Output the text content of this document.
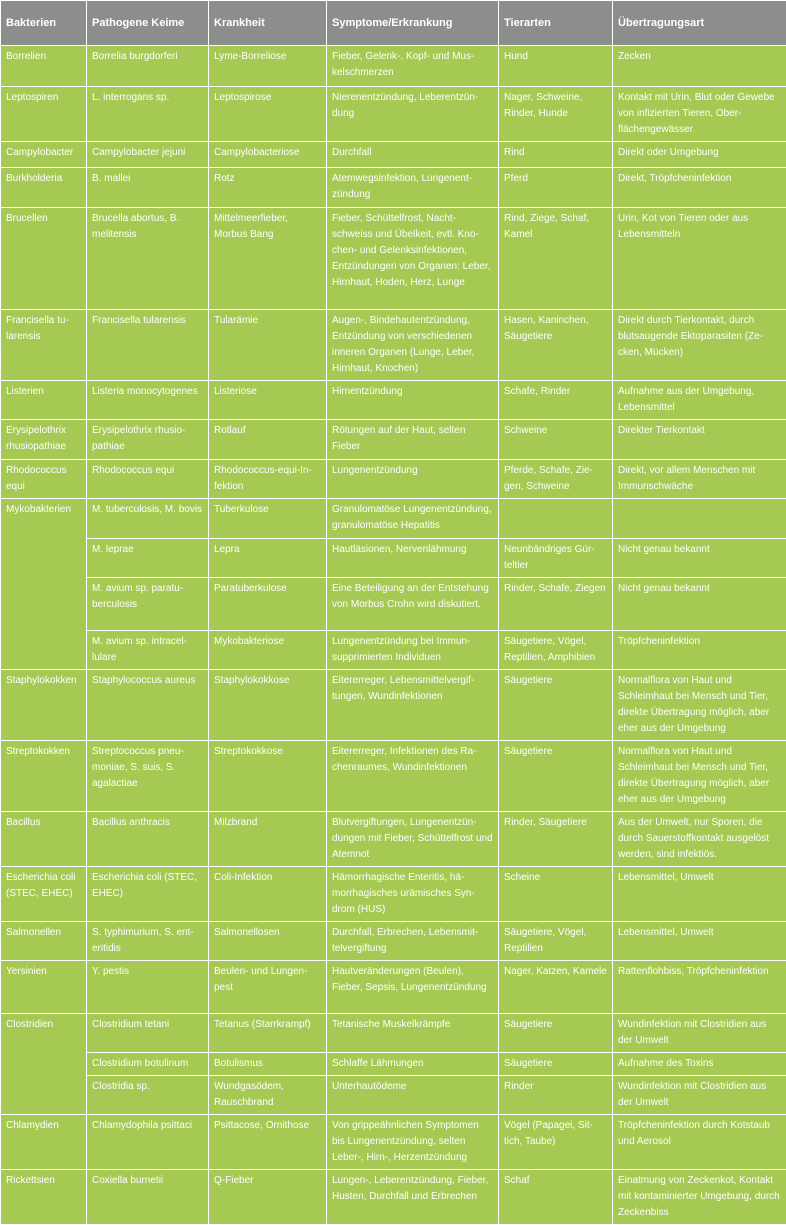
Bakterien	Pathogene Keime	Krankheit	Symptome/Erkrankung	Tierarten	Übertragungsart
Borrelien	Borrelia burgdorferi	Lyme-Borreliose	Fieber, Gelenk-, Kopf- und Muskelschmerzen	Hund	Zecken
Leptospiren	L. interrogans sp.	Leptospirose	Nierenentzündung, Leberentzündung	Nager, Schweine, Rinder, Hunde	Kontakt mit Urin, Blut oder Gewebe von infizierten Tieren, Oberflächengewässer
Campylobacter	Campylobacter jejuni	Campylobacteriose	Durchfall	Rind	Direkt oder Umgebung
Burkholderia	B. mallei	Rotz	Atemwegsinfektion, Lungenentzündung	Pferd	Direkt, Tröpfcheninfektion
Brucellen	Brucella abortus, B. melitensis	Mittelmeerfieber, Morbus Bang	Fieber, Schüttelfrost, Nachtschweiss und Übelkeit, evtl. Knochen- und Gelenksinfektionen, Entzündungen von Organen: Leber, Hirnhaut, Hoden, Herz, Lunge	Rind, Ziege, Schaf, Kamel	Urin, Kot von Tieren oder aus Lebensmitteln
Francisella tularensis	Francisella tularensis	Tularämie	Augen-, Bindehautentzündung, Entzündung von verschiedenen inneren Organen (Lunge, Leber, Hirnhaut, Knochen)	Hasen, Kaninchen, Säugetiere	Direkt durch Tierkontakt, durch blutsaugende Ektoparasiten (Zecken, Mücken)
Listerien	Listeria monocytogenes	Listeriose	Hirnentzündung	Schafe, Rinder	Aufnahme aus der Umgebung, Lebensmittel
Erysipelothrix rhusiopathiae	Erysipelothrix rhusiopathiae	Rotlauf	Rötungen auf der Haut, selten Fieber	Schweine	Direkter Tierkontakt
Rhodococcus equi	Rhodococcus equi	Rhodococcus-equi-Infektion	Lungenentzündung	Pferde, Schafe, Ziegen, Schweine	Direkt, vor allem Menschen mit Immunschwäche
Mykobakterien	M. tuberculosis, M. bovis	Tuberkulose	Granulomatöse Lungenentzündung, granulomatöse Hepatitis		
	M. leprae	Lepra	Hautläsionen, Nervenlähmung	Neunbändriges Gürteltier	Nicht genau bekannt
	M. avium sp. paratuberculosis	Paratuberkulose	Eine Beteiligung an der Entstehung von Morbus Crohn wird diskutiert.	Rinder, Schafe, Ziegen	Nicht genau bekannt
	M. avium sp. intracellulare	Mykobakteriose	Lungenentzündung bei Immunsupprimierten Individuen	Säugetiere, Vögel, Reptilien, Amphibien	Tröpfcheninfektion
Staphylokokken	Staphylococcus aureus	Staphylokokkose	Eitererreger, Lebensmittelvergiftungen, Wundinfektionen	Säugetiere	Normalflora von Haut und Schleimhaut bei Mensch und Tier, direkte Übertragung möglich, aber eher aus der Umgebung
Streptokokken	Streptococcus pneumoniae, S. suis, S. agalactiae	Streptokokkose	Eitererreger, Infektionen des Rachenraumes, Wundinfektionen	Säugetiere	Normalflora von Haut und Schleimhaut bei Mensch und Tier, direkte Übertragung möglich, aber eher aus der Umgebung
Bacillus	Bacillus anthracis	Milzbrand	Blutvergiftungen, Lungenentzündungen mit Fieber, Schüttelfrost und Atemnot	Rinder, Säugetiere	Aus der Umwelt, nur Sporen, die durch Sauerstoffkontakt ausgelöst werden, sind infektiös.
Escherichia coli (STEC, EHEC)	Escherichia coli (STEC, EHEC)	Coli-Infektion	Hämorrhagische Enteritis, hämorrhagisches urämisches Syndrom (HUS)	Scheine	Lebensmittel, Umwelt
Salmonellen	S. typhimurium, S. enteritidis	Salmonellosen	Durchfall, Erbrechen, Lebensmittelvergiftung	Säugetiere, Vögel, Reptilien	Lebensmittel, Umwelt
Yersinien	Y. pestis	Beulen- und Lungenpest	Hautveränderungen (Beulen), Fieber, Sepsis, Lungenentzündung	Nager, Katzen, Kamele	Rattenflohbiss, Tröpfcheninfektion
Clostridien	Clostridium tetani	Tetanus (Starrkrampf)	Tetanische Muskelkrämpfe	Säugetiere	Wundinfektion mit Clostridien aus der Umwelt
	Clostridium botulinum	Botulismus	Schlaffe Lähmungen	Säugetiere	Aufnahme des Toxins
	Clostridia sp.	Wundgasödem, Rauschbrand	Unterhautödeme	Rinder	Wundinfektion mit Clostridien aus der Umwelt
Chlamydien	Chlamydophila psittaci	Psittacose, Ornithose	Von grippeähnlichen Symptomen bis Lungenentzündung, selten Leber-, Hirn-, Herzentzündung	Vögel (Papagei, Sittich, Taube)	Tröpfcheninfektion durch Kotstaub und Aerosol
Rickettsien	Coxiella burnetii	Q-Fieber	Lungen-, Leberentzündung, Fieber, Husten, Durchfall und Erbrechen	Schaf	Einatmung von Zeckenkot, Kontakt mit kontaminierter Umgebung, durch Zeckenbiss
